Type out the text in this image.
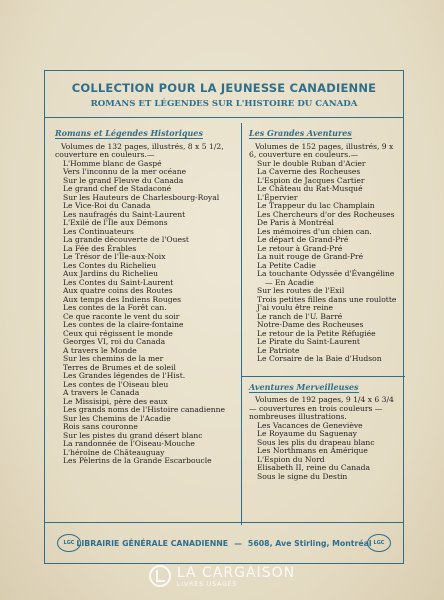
COLLECTION POUR LA JEUNESSE CANADIENNE
ROMANS ET LÉGENDES SUR L'HISTOIRE DU CANADA
Romans et Légendes Historiques
Volumes de 132 pages, illustrés, 8 x 5 1/2, couverture en couleurs.—
L'Homme blanc de Gaspé
Vers l'inconnu de la mer océane
Sur le grand Fleuve du Canada
Le grand chef de Stadaconé
Sur les Hauteurs de Charlesbourg-Royal
Le Vice-Roi du Canada
Les naufragés du Saint-Laurent
L'Exilé de l'Île aux Démons
Les Continuateurs
La grande découverte de l'Ouest
La Fée des Érables
Le Trésor de l'Île-aux-Noix
Les Contes du Richelieu
Aux Jardins du Richelieu
Les Contes du Saint-Laurent
Aux quatre coins des Routes
Aux temps des Indiens Rouges
Les contes de la Forêt can.
Ce que raconte le vent du soir
Les contes de la claire-fontaine
Ceux qui régissent le monde
Georges VI, roi du Canada
A travers le Monde
Sur les chemins de la mer
Terres de Brumes et de soleil
Les Grandes légendes de l'Hist.
Les contes de l'Oiseau bleu
A travers le Canada
Le Missisipi, père des eaux
Les grands noms de l'Histoire canadienne
Sur les Chemins de l'Acadie
Rois sans couronne
Sur les pistes du grand désert blanc
La randonnée de l'Oiseau-Mouche
L'héroïne de Châteauguay
Les Pèlerins de la Grande Escarboucle
Les Grandes Aventures
Volumes de 152 pages, illustrés, 9 x 6, couverture en couleurs.—
Sur le double Ruban d'Acier
La Caverne des Rocheuses
L'Espion de Jacques Cartier
Le Château du Rat-Musqué
L'Épervier
Le Trappeur du lac Champlain
Les Chercheurs d'or des Rocheuses
De Paris à Montréal
Les mémoires d'un chien can.
Le départ de Grand-Pré
Le retour à Grand-Pré
La nuit rouge de Grand-Pré
La Petite Cadie
La touchante Odyssée d'Évangéline — En Acadie
Sur les routes de l'Exil
Trois petites filles dans une roulotte
J'ai voulu être reine
Le ranch de l'U. Barré
Notre-Dame des Rocheuses
Le retour de la Petite Réfugiée
Le Pirate du Saint-Laurent
Le Patriote
Le Corsaire de la Baie d'Hudson
Aventures Merveilleuses
Volumes de 192 pages, 9 1/4 x 6 3/4 — couvertures en trois couleurs — nombreuses illustrations.
Les Vacances de Geneviève
Le Royaume du Saguenay
Sous les plis du drapeau blanc
Les Northmans en Amérique
L'Espion du Nord
Elisabeth II, reine du Canada
Sous le signe du Destin
LGC LIBRAIRIE GÉNÉRALE CANADIENNE — 5608, Ave Stirling, Montréal LGC
LA CARGAISON
LIVRES USAGÉS
